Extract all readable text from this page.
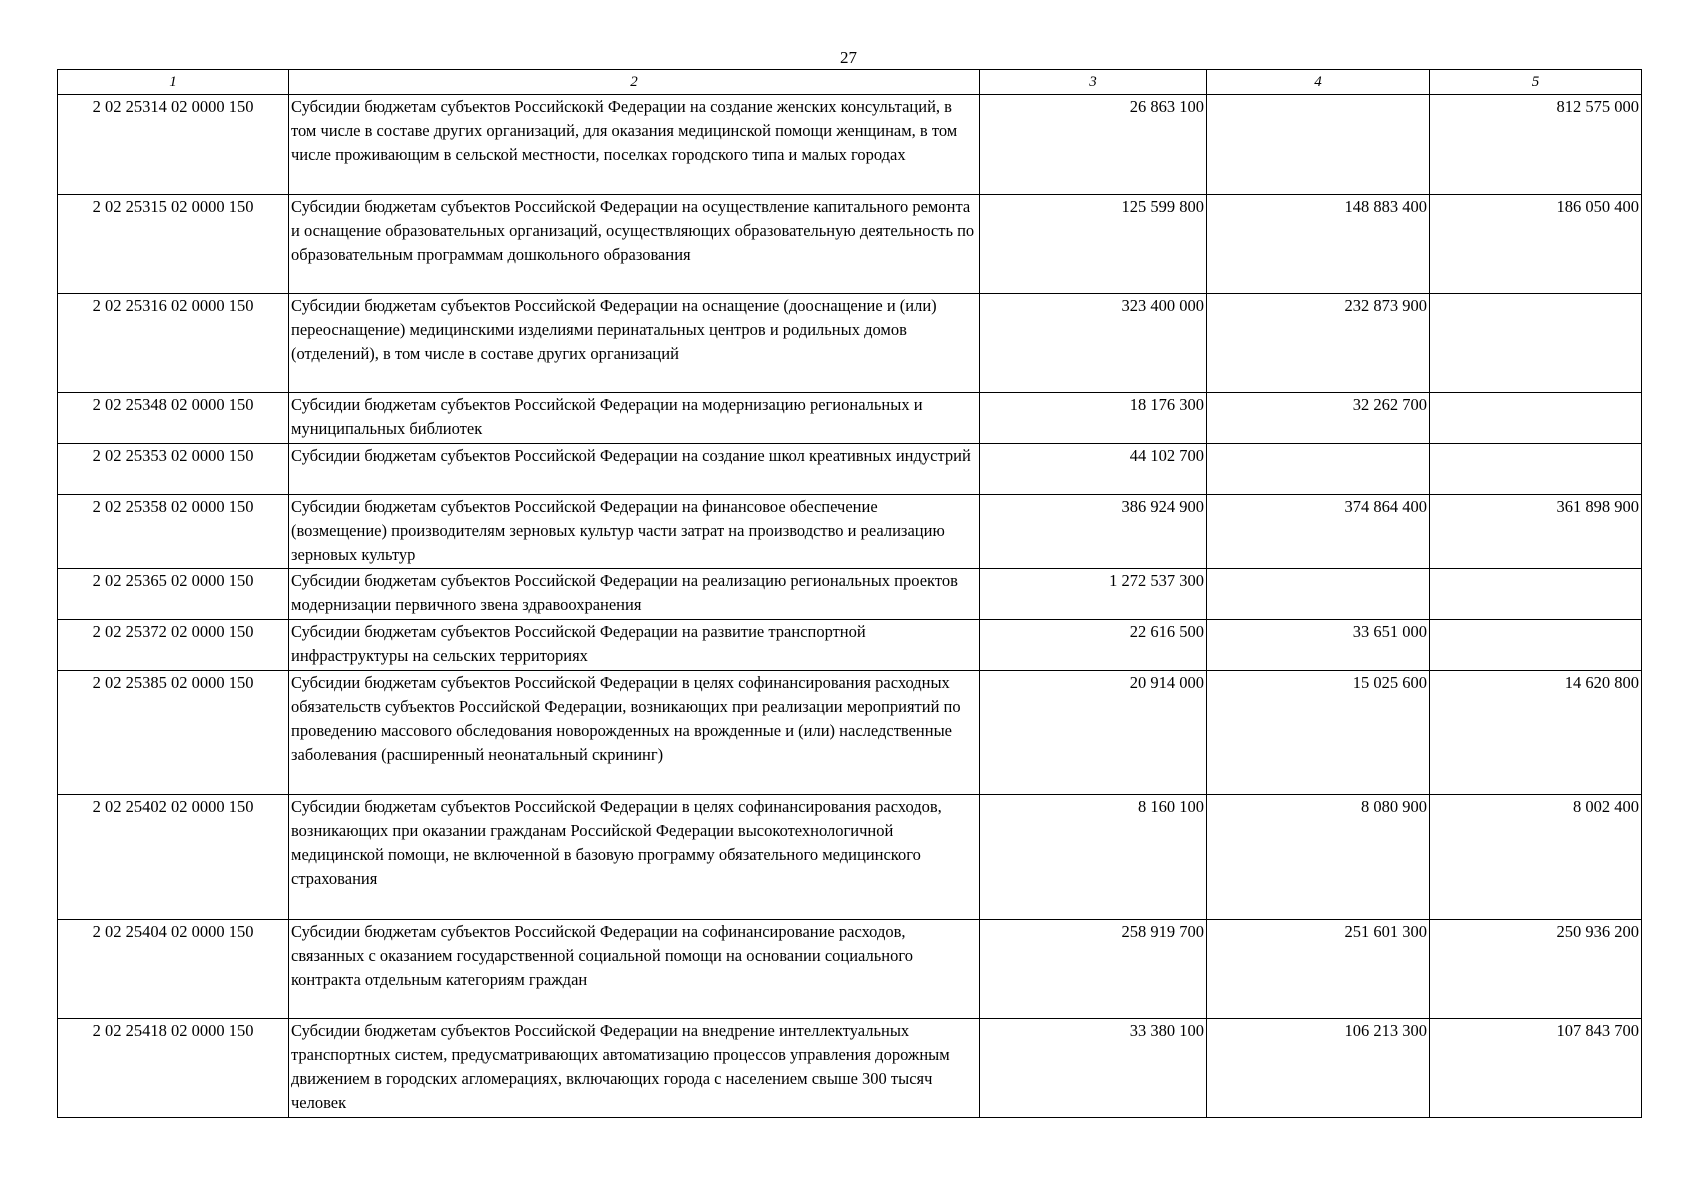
27
1	2	3	4	5
2 02 25314 02 0000 150	Субсидии бюджетам субъектов Российскокй Федерации на создание женских консультаций, в том числе в составе других организаций, для оказания медицинской помощи женщинам, в том числе проживающим в сельской местности, поселках городского типа и малых городах	26 863 100		812 575 000
2 02 25315 02 0000 150	Субсидии бюджетам субъектов Российской Федерации на осуществление капитального ремонта и оснащение образовательных организаций, осуществляющих образовательную деятельность по образовательным программам дошкольного образования	125 599 800	148 883 400	186 050 400
2 02 25316 02 0000 150	Субсидии бюджетам субъектов Российской Федерации на оснащение (дооснащение и (или) переоснащение) медицинскими изделиями перинатальных центров и родильных домов (отделений), в том числе в составе других организаций	323 400 000	232 873 900	
2 02 25348 02 0000 150	Субсидии бюджетам субъектов Российской Федерации на модернизацию региональных и муниципальных библиотек	18 176 300	32 262 700	
2 02 25353 02 0000 150	Субсидии бюджетам субъектов Российской Федерации на создание школ креативных индустрий	44 102 700		
2 02 25358 02 0000 150	Субсидии бюджетам субъектов Российской Федерации на финансовое обеспечение (возмещение) производителям зерновых культур части затрат на производство и реализацию зерновых культур	386 924 900	374 864 400	361 898 900
2 02 25365 02 0000 150	Субсидии бюджетам субъектов Российской Федерации на реализацию региональных проектов модернизации первичного звена здравоохранения	1 272 537 300		
2 02 25372 02 0000 150	Субсидии бюджетам субъектов Российской Федерации на развитие транспортной инфраструктуры на сельских территориях	22 616 500	33 651 000	
2 02 25385 02 0000 150	Субсидии бюджетам субъектов Российской Федерации в целях софинансирования расходных обязательств субъектов Российской Федерации, возникающих при реализации мероприятий по проведению массового обследования новорожденных на врожденные и (или) наследственные заболевания (расширенный неонатальный скрининг)	20 914 000	15 025 600	14 620 800
2 02 25402 02 0000 150	Субсидии бюджетам субъектов Российской Федерации в целях софинансирования расходов, возникающих при оказании гражданам Российской Федерации высокотехнологичной медицинской помощи, не включенной в базовую программу обязательного медицинского страхования	8 160 100	8 080 900	8 002 400
2 02 25404 02 0000 150	Субсидии бюджетам субъектов Российской Федерации на софинансирование расходов, связанных с оказанием государственной социальной помощи на основании социального контракта отдельным категориям граждан	258 919 700	251 601 300	250 936 200
2 02 25418 02 0000 150	Субсидии бюджетам субъектов Российской Федерации на внедрение интеллектуальных транспортных систем, предусматривающих автоматизацию процессов управления дорожным движением в городских агломерациях, включающих города с населением свыше 300 тысяч человек	33 380 100	106 213 300	107 843 700
